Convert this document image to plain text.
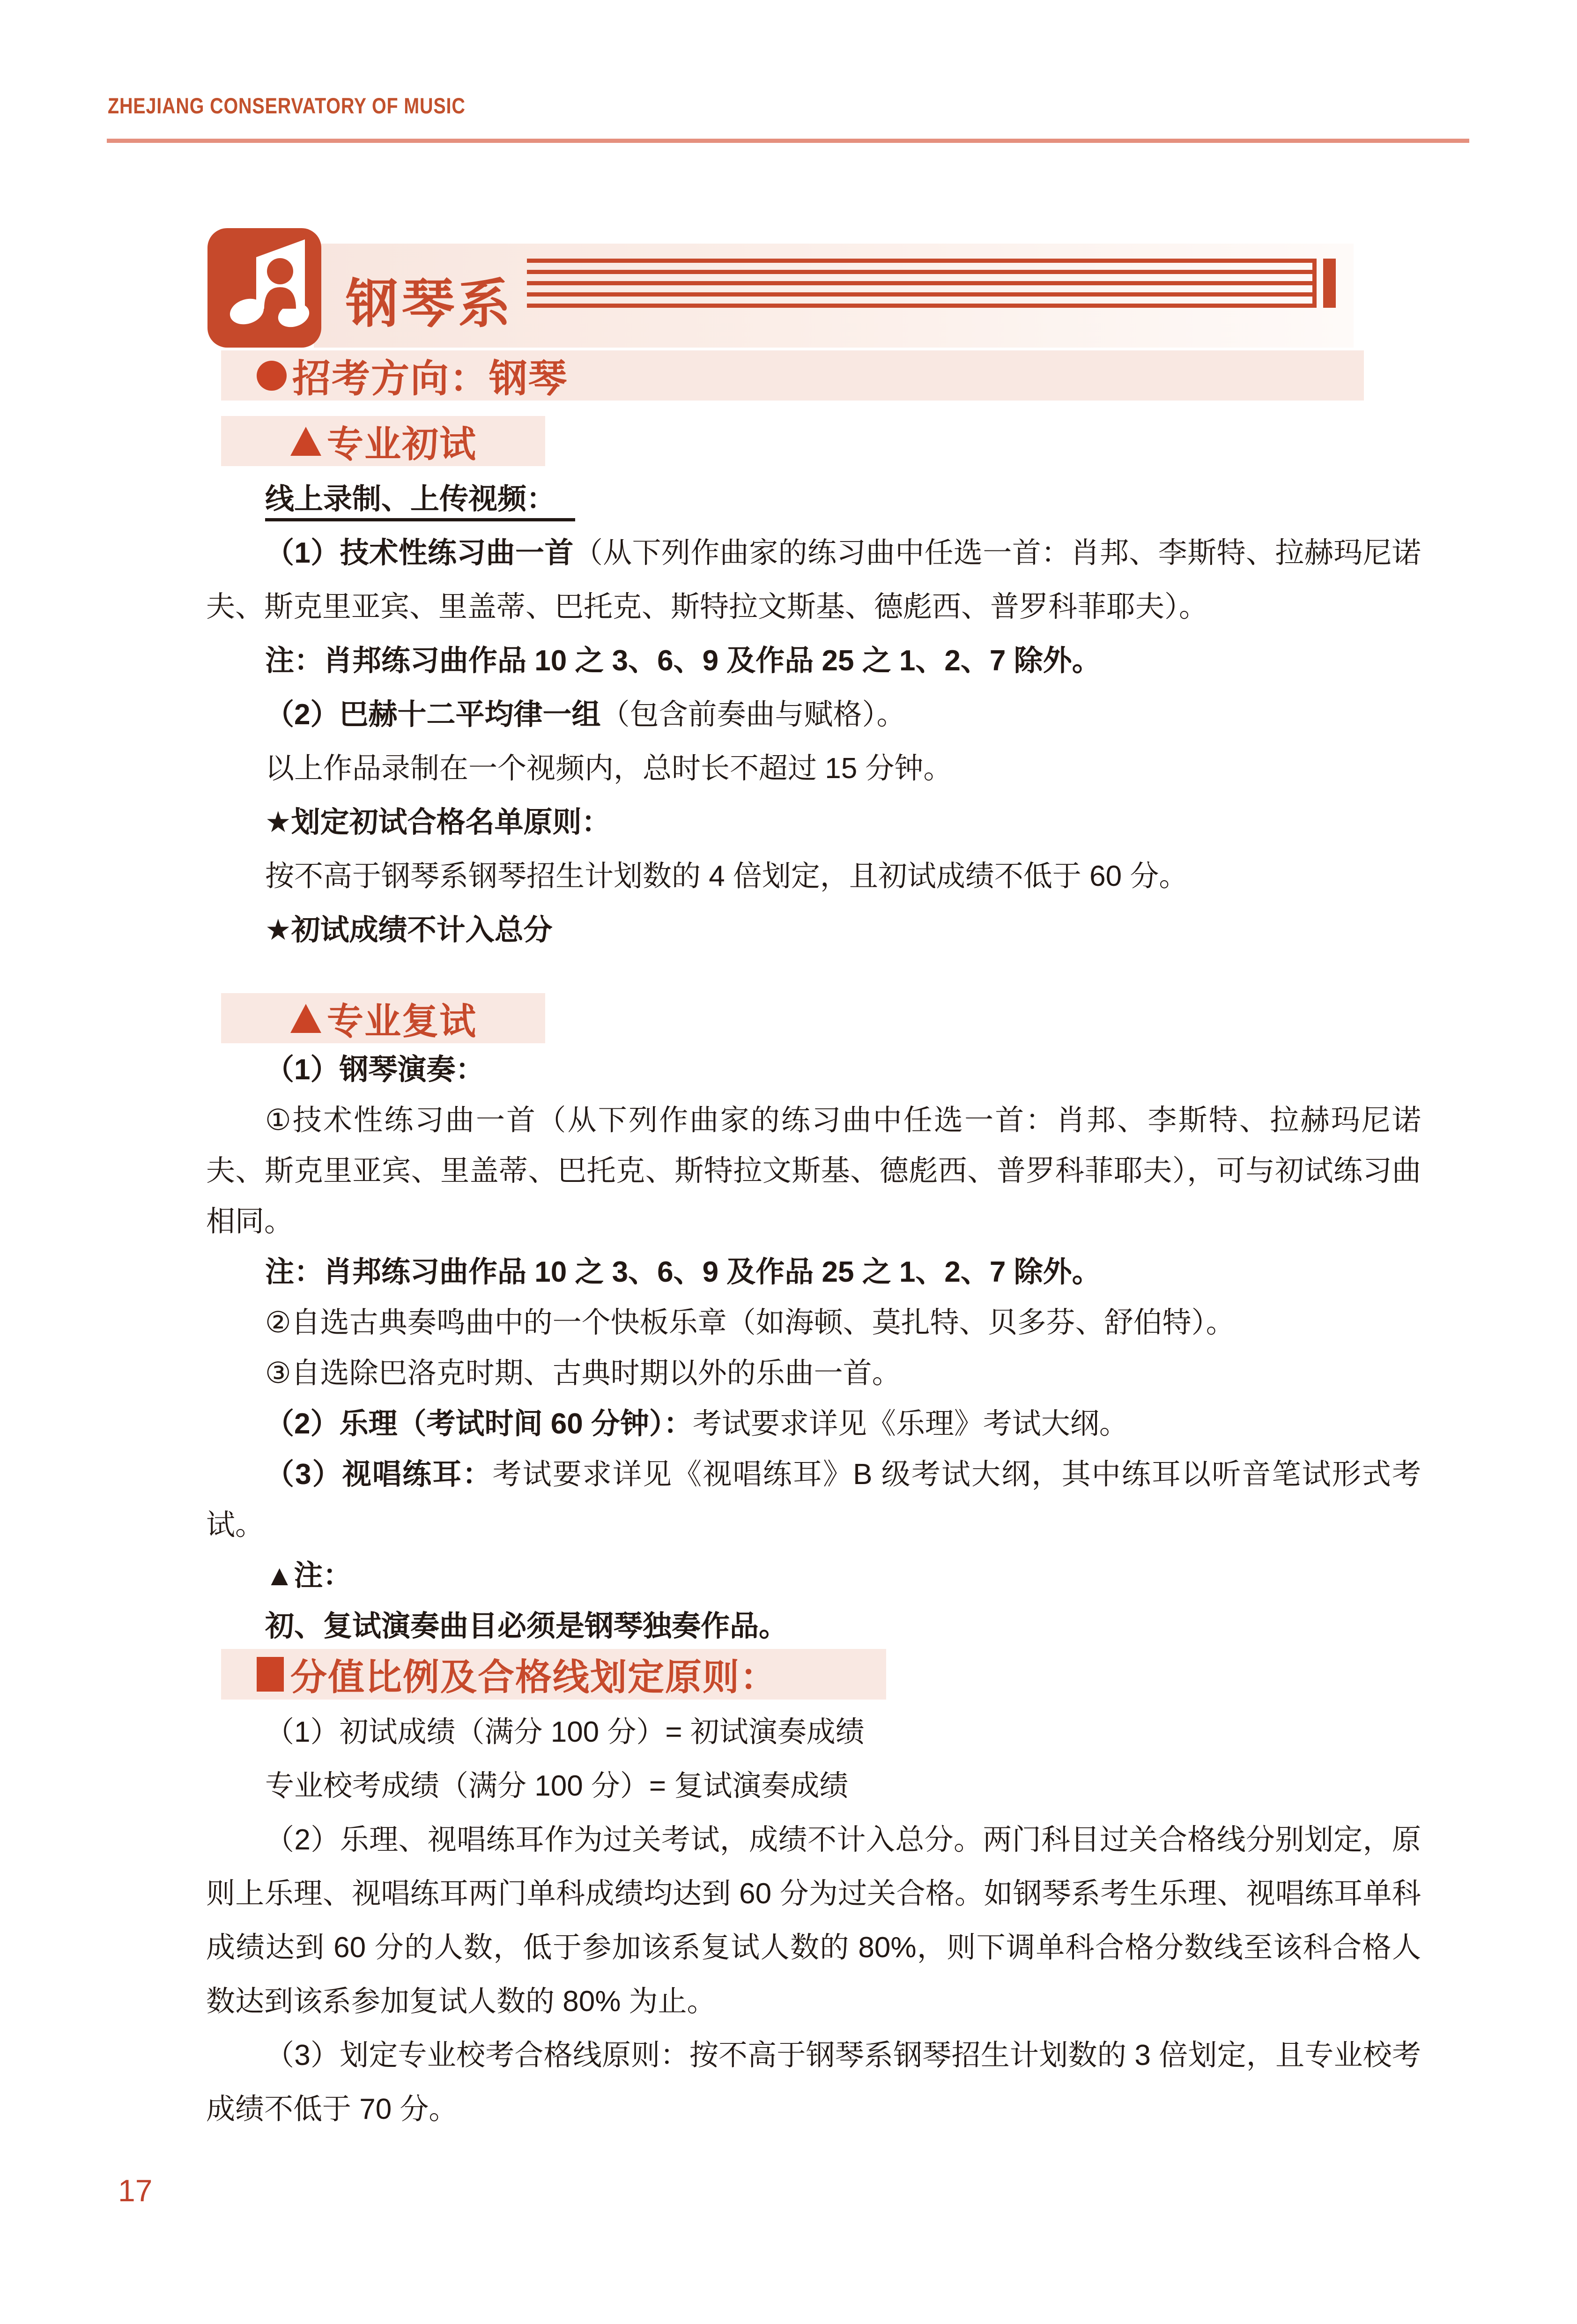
ZHEJIANG CONSERVATORY OF MUSIC
钢琴系
招考方向：钢琴
专业初试

线上录制、上传视频：

（1）技术性练习曲一首（从下列作曲家的练习曲中任选一首：肖邦、李斯特、拉赫玛尼诺夫、斯克里亚宾、里盖蒂、巴托克、斯特拉文斯基、德彪西、普罗科菲耶夫）。

注：肖邦练习曲作品 10 之 3、6、9 及作品 25 之 1、2、7 除外。

（2）巴赫十二平均律一组（包含前奏曲与赋格）。

以上作品录制在一个视频内，总时长不超过 15 分钟。

★划定初试合格名单原则：

按不高于钢琴系钢琴招生计划数的 4 倍划定，且初试成绩不低于 60 分。

★初试成绩不计入总分

专业复试

（1）钢琴演奏：

①技术性练习曲一首（从下列作曲家的练习曲中任选一首：肖邦、李斯特、拉赫玛尼诺夫、斯克里亚宾、里盖蒂、巴托克、斯特拉文斯基、德彪西、普罗科菲耶夫），可与初试练习曲相同。

注：肖邦练习曲作品 10 之 3、6、9 及作品 25 之 1、2、7 除外。

②自选古典奏鸣曲中的一个快板乐章（如海顿、莫扎特、贝多芬、舒伯特）。

③自选除巴洛克时期、古典时期以外的乐曲一首。

（2）乐理（考试时间 60 分钟）：考试要求详见《乐理》考试大纲。

（3）视唱练耳：考试要求详见《视唱练耳》B 级考试大纲，其中练耳以听音笔试形式考试。

▲注：

初、复试演奏曲目必须是钢琴独奏作品。

分值比例及合格线划定原则：

（1）初试成绩（满分 100 分）= 初试演奏成绩

专业校考成绩（满分 100 分）= 复试演奏成绩

（2）乐理、视唱练耳作为过关考试，成绩不计入总分。两门科目过关合格线分别划定，原则上乐理、视唱练耳两门单科成绩均达到 60 分为过关合格。如钢琴系考生乐理、视唱练耳单科成绩达到 60 分的人数，低于参加该系复试人数的 80%，则下调单科合格分数线至该科合格人数达到该系参加复试人数的 80% 为止。

（3）划定专业校考合格线原则：按不高于钢琴系钢琴招生计划数的 3 倍划定，且专业校考成绩不低于 70 分。

17
